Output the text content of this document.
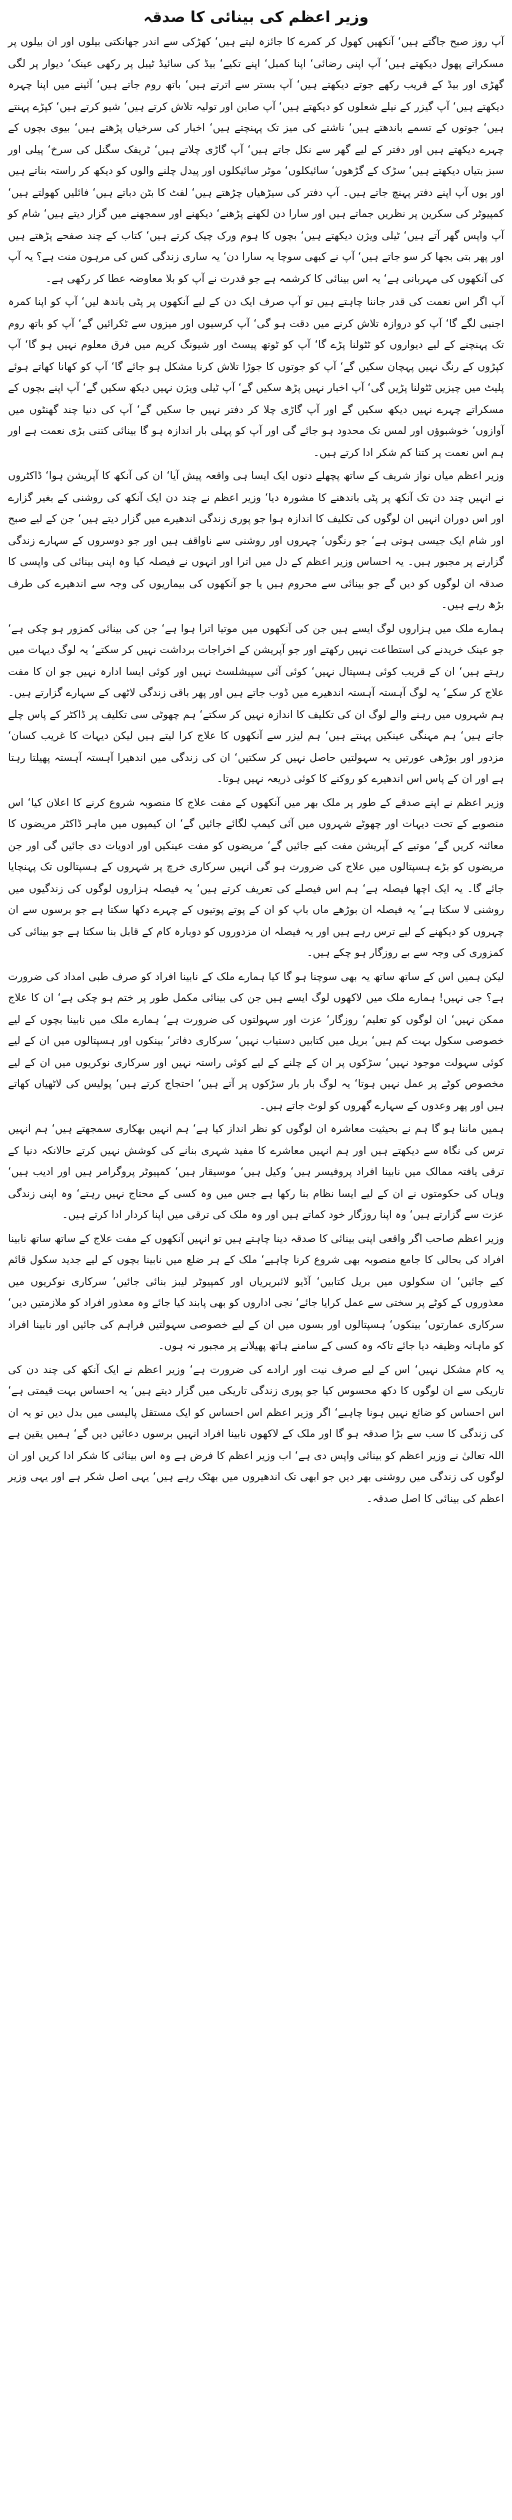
وزیر اعظم کی بینائی کا صدقہ

آپ روز صبح جاگتے ہیں‘ آنکھیں کھول کر کمرے کا جائزہ لیتے ہیں‘ کھڑکی سے اندر جھانکتی بیلوں اور ان بیلوں پر مسکراتے پھول دیکھتے ہیں‘ آپ اپنی رضائی‘ اپنا کمبل‘ اپنے تکیے‘ بیڈ کی سائیڈ ٹیبل پر رکھی عینک‘ دیوار پر لگی گھڑی اور بیڈ کے قریب رکھے جوتے دیکھتے ہیں‘ آپ بستر سے اترتے ہیں‘ باتھ روم جاتے ہیں‘ آئینے میں اپنا چہرہ دیکھتے ہیں‘ آپ گیزر کے نیلے شعلوں کو دیکھتے ہیں‘ آپ صابن اور تولیہ تلاش کرتے ہیں‘ شیو کرتے ہیں‘ کپڑے پہنتے ہیں‘ جوتوں کے تسمے باندھتے ہیں‘ ناشتے کی میز تک پہنچتے ہیں‘ اخبار کی سرخیاں پڑھتے ہیں‘ بیوی بچوں کے چہرے دیکھتے ہیں اور دفتر کے لیے گھر سے نکل جاتے ہیں‘ آپ گاڑی چلاتے ہیں‘ ٹریفک سگنل کی سرخ‘ پیلی اور سبز بتیاں دیکھتے ہیں‘ سڑک کے گڑھوں‘ سائیکلوں‘ موٹر سائیکلوں اور پیدل چلنے والوں کو دیکھ کر راستہ بناتے ہیں اور یوں آپ اپنے دفتر پہنچ جاتے ہیں۔ آپ دفتر کی سیڑھیاں چڑھتے ہیں‘ لفٹ کا بٹن دباتے ہیں‘ فائلیں کھولتے ہیں‘ کمپیوٹر کی سکرین پر نظریں جماتے ہیں اور سارا دن لکھنے پڑھنے‘ دیکھنے اور سمجھنے میں گزار دیتے ہیں‘ شام کو آپ واپس گھر آتے ہیں‘ ٹیلی ویژن دیکھتے ہیں‘ بچوں کا ہوم ورک چیک کرتے ہیں‘ کتاب کے چند صفحے پڑھتے ہیں اور پھر بتی بجھا کر سو جاتے ہیں‘ آپ نے کبھی سوچا یہ سارا دن‘ یہ ساری زندگی کس کی مرہون منت ہے؟ یہ آپ کی آنکھوں کی مہربانی ہے‘ یہ اس بینائی کا کرشمہ ہے جو قدرت نے آپ کو بلا معاوضہ عطا کر رکھی ہے۔

آپ اگر اس نعمت کی قدر جاننا چاہتے ہیں تو آپ صرف ایک دن کے لیے آنکھوں پر پٹی باندھ لیں‘ آپ کو اپنا کمرہ اجنبی لگے گا‘ آپ کو دروازہ تلاش کرنے میں دقت ہو گی‘ آپ کرسیوں اور میزوں سے ٹکرائیں گے‘ آپ کو باتھ روم تک پہنچنے کے لیے دیواروں کو ٹٹولنا پڑے گا‘ آپ کو ٹوتھ پیسٹ اور شیونگ کریم میں فرق معلوم نہیں ہو گا‘ آپ کپڑوں کے رنگ نہیں پہچان سکیں گے‘ آپ کو جوتوں کا جوڑا تلاش کرنا مشکل ہو جائے گا‘ آپ کو کھانا کھاتے ہوئے پلیٹ میں چیزیں ٹٹولنا پڑیں گی‘ آپ اخبار نہیں پڑھ سکیں گے‘ آپ ٹیلی ویژن نہیں دیکھ سکیں گے‘ آپ اپنے بچوں کے مسکراتے چہرے نہیں دیکھ سکیں گے اور آپ گاڑی چلا کر دفتر نہیں جا سکیں گے‘ آپ کی دنیا چند گھنٹوں میں آوازوں‘ خوشبوؤں اور لمس تک محدود ہو جائے گی اور آپ کو پہلی بار اندازہ ہو گا بینائی کتنی بڑی نعمت ہے اور ہم اس نعمت پر کتنا کم شکر ادا کرتے ہیں۔

وزیر اعظم میاں نواز شریف کے ساتھ پچھلے دنوں ایک ایسا ہی واقعہ پیش آیا‘ ان کی آنکھ کا آپریشن ہوا‘ ڈاکٹروں نے انہیں چند دن تک آنکھ پر پٹی باندھنے کا مشورہ دیا‘ وزیر اعظم نے چند دن ایک آنکھ کی روشنی کے بغیر گزارے اور اس دوران انہیں ان لوگوں کی تکلیف کا اندازہ ہوا جو پوری زندگی اندھیرے میں گزار دیتے ہیں‘ جن کے لیے صبح اور شام ایک جیسی ہوتی ہے‘ جو رنگوں‘ چہروں اور روشنی سے ناواقف ہیں اور جو دوسروں کے سہارے زندگی گزارنے پر مجبور ہیں۔ یہ احساس وزیر اعظم کے دل میں اترا اور انہوں نے فیصلہ کیا وہ اپنی بینائی کی واپسی کا صدقہ ان لوگوں کو دیں گے جو بینائی سے محروم ہیں یا جو آنکھوں کی بیماریوں کی وجہ سے اندھیرے کی طرف بڑھ رہے ہیں۔

ہمارے ملک میں ہزاروں لوگ ایسے ہیں جن کی آنکھوں میں موتیا اترا ہوا ہے‘ جن کی بینائی کمزور ہو چکی ہے‘ جو عینک خریدنے کی استطاعت نہیں رکھتے اور جو آپریشن کے اخراجات برداشت نہیں کر سکتے‘ یہ لوگ دیہات میں رہتے ہیں‘ ان کے قریب کوئی ہسپتال نہیں‘ کوئی آئی سپیشلسٹ نہیں اور کوئی ایسا ادارہ نہیں جو ان کا مفت علاج کر سکے‘ یہ لوگ آہستہ آہستہ اندھیرے میں ڈوب جاتے ہیں اور پھر باقی زندگی لاٹھی کے سہارے گزارتے ہیں۔ ہم شہروں میں رہنے والے لوگ ان کی تکلیف کا اندازہ نہیں کر سکتے‘ ہم چھوٹی سی تکلیف پر ڈاکٹر کے پاس چلے جاتے ہیں‘ ہم مہنگی عینکیں پہنتے ہیں‘ ہم لیزر سے آنکھوں کا علاج کرا لیتے ہیں لیکن دیہات کا غریب کسان‘ مزدور اور بوڑھی عورتیں یہ سہولتیں حاصل نہیں کر سکتیں‘ ان کی زندگی میں اندھیرا آہستہ آہستہ پھیلتا رہتا ہے اور ان کے پاس اس اندھیرے کو روکنے کا کوئی ذریعہ نہیں ہوتا۔

وزیر اعظم نے اپنے صدقے کے طور پر ملک بھر میں آنکھوں کے مفت علاج کا منصوبہ شروع کرنے کا اعلان کیا‘ اس منصوبے کے تحت دیہات اور چھوٹے شہروں میں آئی کیمپ لگائے جائیں گے‘ ان کیمپوں میں ماہر ڈاکٹر مریضوں کا معائنہ کریں گے‘ موتیے کے آپریشن مفت کیے جائیں گے‘ مریضوں کو مفت عینکیں اور ادویات دی جائیں گی اور جن مریضوں کو بڑے ہسپتالوں میں علاج کی ضرورت ہو گی انہیں سرکاری خرچ پر شہروں کے ہسپتالوں تک پہنچایا جائے گا۔ یہ ایک اچھا فیصلہ ہے‘ ہم اس فیصلے کی تعریف کرتے ہیں‘ یہ فیصلہ ہزاروں لوگوں کی زندگیوں میں روشنی لا سکتا ہے‘ یہ فیصلہ ان بوڑھے ماں باپ کو ان کے پوتے پوتیوں کے چہرے دکھا سکتا ہے جو برسوں سے ان چہروں کو دیکھنے کے لیے ترس رہے ہیں اور یہ فیصلہ ان مزدوروں کو دوبارہ کام کے قابل بنا سکتا ہے جو بینائی کی کمزوری کی وجہ سے بے روزگار ہو چکے ہیں۔

لیکن ہمیں اس کے ساتھ ساتھ یہ بھی سوچنا ہو گا کیا ہمارے ملک کے نابینا افراد کو صرف طبی امداد کی ضرورت ہے؟ جی نہیں! ہمارے ملک میں لاکھوں لوگ ایسے ہیں جن کی بینائی مکمل طور پر ختم ہو چکی ہے‘ ان کا علاج ممکن نہیں‘ ان لوگوں کو تعلیم‘ روزگار‘ عزت اور سہولتوں کی ضرورت ہے‘ ہمارے ملک میں نابینا بچوں کے لیے خصوصی سکول بہت کم ہیں‘ بریل میں کتابیں دستیاب نہیں‘ سرکاری دفاتر‘ بینکوں اور ہسپتالوں میں ان کے لیے کوئی سہولت موجود نہیں‘ سڑکوں پر ان کے چلنے کے لیے کوئی راستہ نہیں اور سرکاری نوکریوں میں ان کے لیے مخصوص کوٹے پر عمل نہیں ہوتا‘ یہ لوگ بار بار سڑکوں پر آتے ہیں‘ احتجاج کرتے ہیں‘ پولیس کی لاٹھیاں کھاتے ہیں اور پھر وعدوں کے سہارے گھروں کو لوٹ جاتے ہیں۔

ہمیں ماننا ہو گا ہم نے بحیثیت معاشرہ ان لوگوں کو نظر انداز کیا ہے‘ ہم انہیں بھکاری سمجھتے ہیں‘ ہم انہیں ترس کی نگاہ سے دیکھتے ہیں اور ہم انہیں معاشرے کا مفید شہری بنانے کی کوشش نہیں کرتے حالانکہ دنیا کے ترقی یافتہ ممالک میں نابینا افراد پروفیسر ہیں‘ وکیل ہیں‘ موسیقار ہیں‘ کمپیوٹر پروگرامر ہیں اور ادیب ہیں‘ وہاں کی حکومتوں نے ان کے لیے ایسا نظام بنا رکھا ہے جس میں وہ کسی کے محتاج نہیں رہتے‘ وہ اپنی زندگی عزت سے گزارتے ہیں‘ وہ اپنا روزگار خود کماتے ہیں اور وہ ملک کی ترقی میں اپنا کردار ادا کرتے ہیں۔

وزیر اعظم صاحب اگر واقعی اپنی بینائی کا صدقہ دینا چاہتے ہیں تو انہیں آنکھوں کے مفت علاج کے ساتھ ساتھ نابینا افراد کی بحالی کا جامع منصوبہ بھی شروع کرنا چاہیے‘ ملک کے ہر ضلع میں نابینا بچوں کے لیے جدید سکول قائم کیے جائیں‘ ان سکولوں میں بریل کتابیں‘ آڈیو لائبریریاں اور کمپیوٹر لیبز بنائی جائیں‘ سرکاری نوکریوں میں معذوروں کے کوٹے پر سختی سے عمل کرایا جائے‘ نجی اداروں کو بھی پابند کیا جائے وہ معذور افراد کو ملازمتیں دیں‘ سرکاری عمارتوں‘ بینکوں‘ ہسپتالوں اور بسوں میں ان کے لیے خصوصی سہولتیں فراہم کی جائیں اور نابینا افراد کو ماہانہ وظیفہ دیا جائے تاکہ وہ کسی کے سامنے ہاتھ پھیلانے پر مجبور نہ ہوں۔

یہ کام مشکل نہیں‘ اس کے لیے صرف نیت اور ارادے کی ضرورت ہے‘ وزیر اعظم نے ایک آنکھ کی چند دن کی تاریکی سے ان لوگوں کا دکھ محسوس کیا جو پوری زندگی تاریکی میں گزار دیتے ہیں‘ یہ احساس بہت قیمتی ہے‘ اس احساس کو ضائع نہیں ہونا چاہیے‘ اگر وزیر اعظم اس احساس کو ایک مستقل پالیسی میں بدل دیں تو یہ ان کی زندگی کا سب سے بڑا صدقہ ہو گا اور ملک کے لاکھوں نابینا افراد انہیں برسوں دعائیں دیں گے‘ ہمیں یقین ہے اللہ تعالیٰ نے وزیر اعظم کو بینائی واپس دی ہے‘ اب وزیر اعظم کا فرض ہے وہ اس بینائی کا شکر ادا کریں اور ان لوگوں کی زندگی میں روشنی بھر دیں جو ابھی تک اندھیروں میں بھٹک رہے ہیں‘ یہی اصل شکر ہے اور یہی وزیر اعظم کی بینائی کا اصل صدقہ۔
